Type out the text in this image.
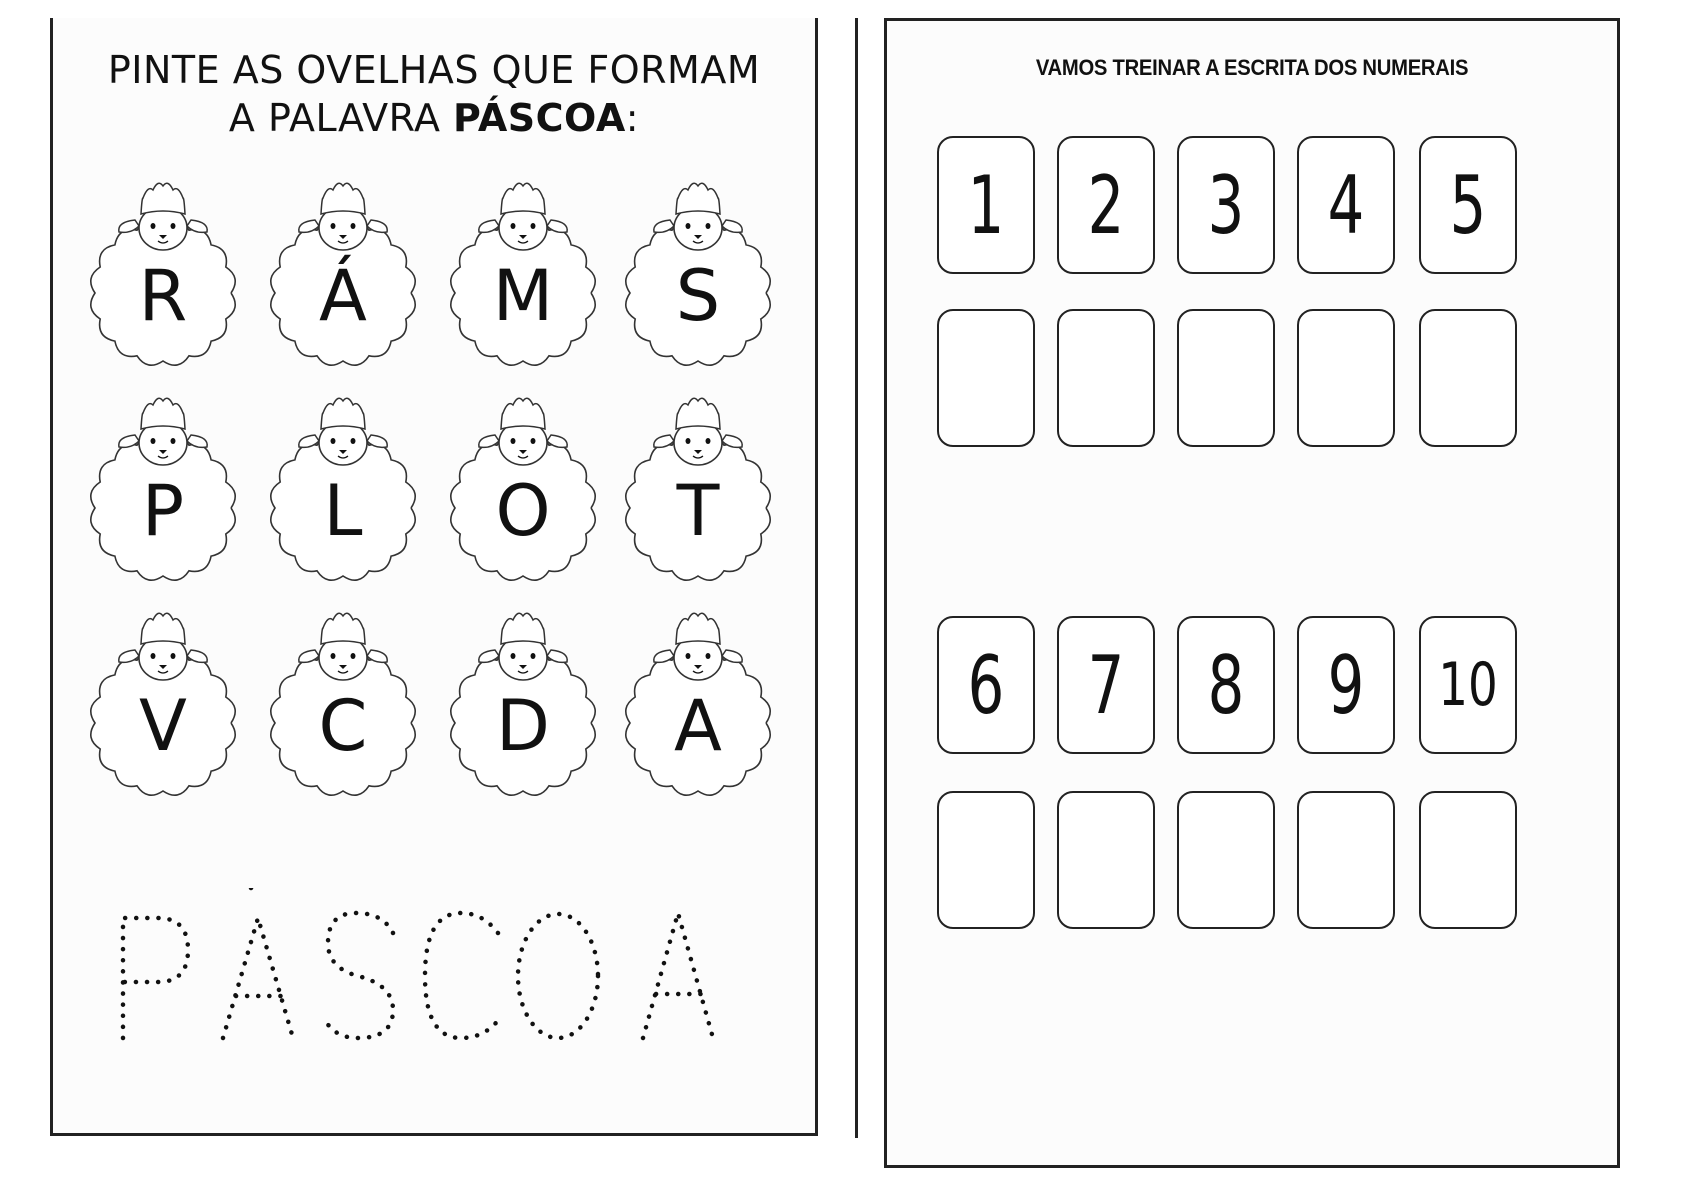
PINTE AS OVELHAS QUE FORMAM
A PALAVRA PÁSCOA:
R	Á	M	S
P	L	O	T
V	C	D	A
VAMOS TREINAR A ESCRITA DOS NUMERAIS
1 2 3 4 5
6 7 8 9 10
